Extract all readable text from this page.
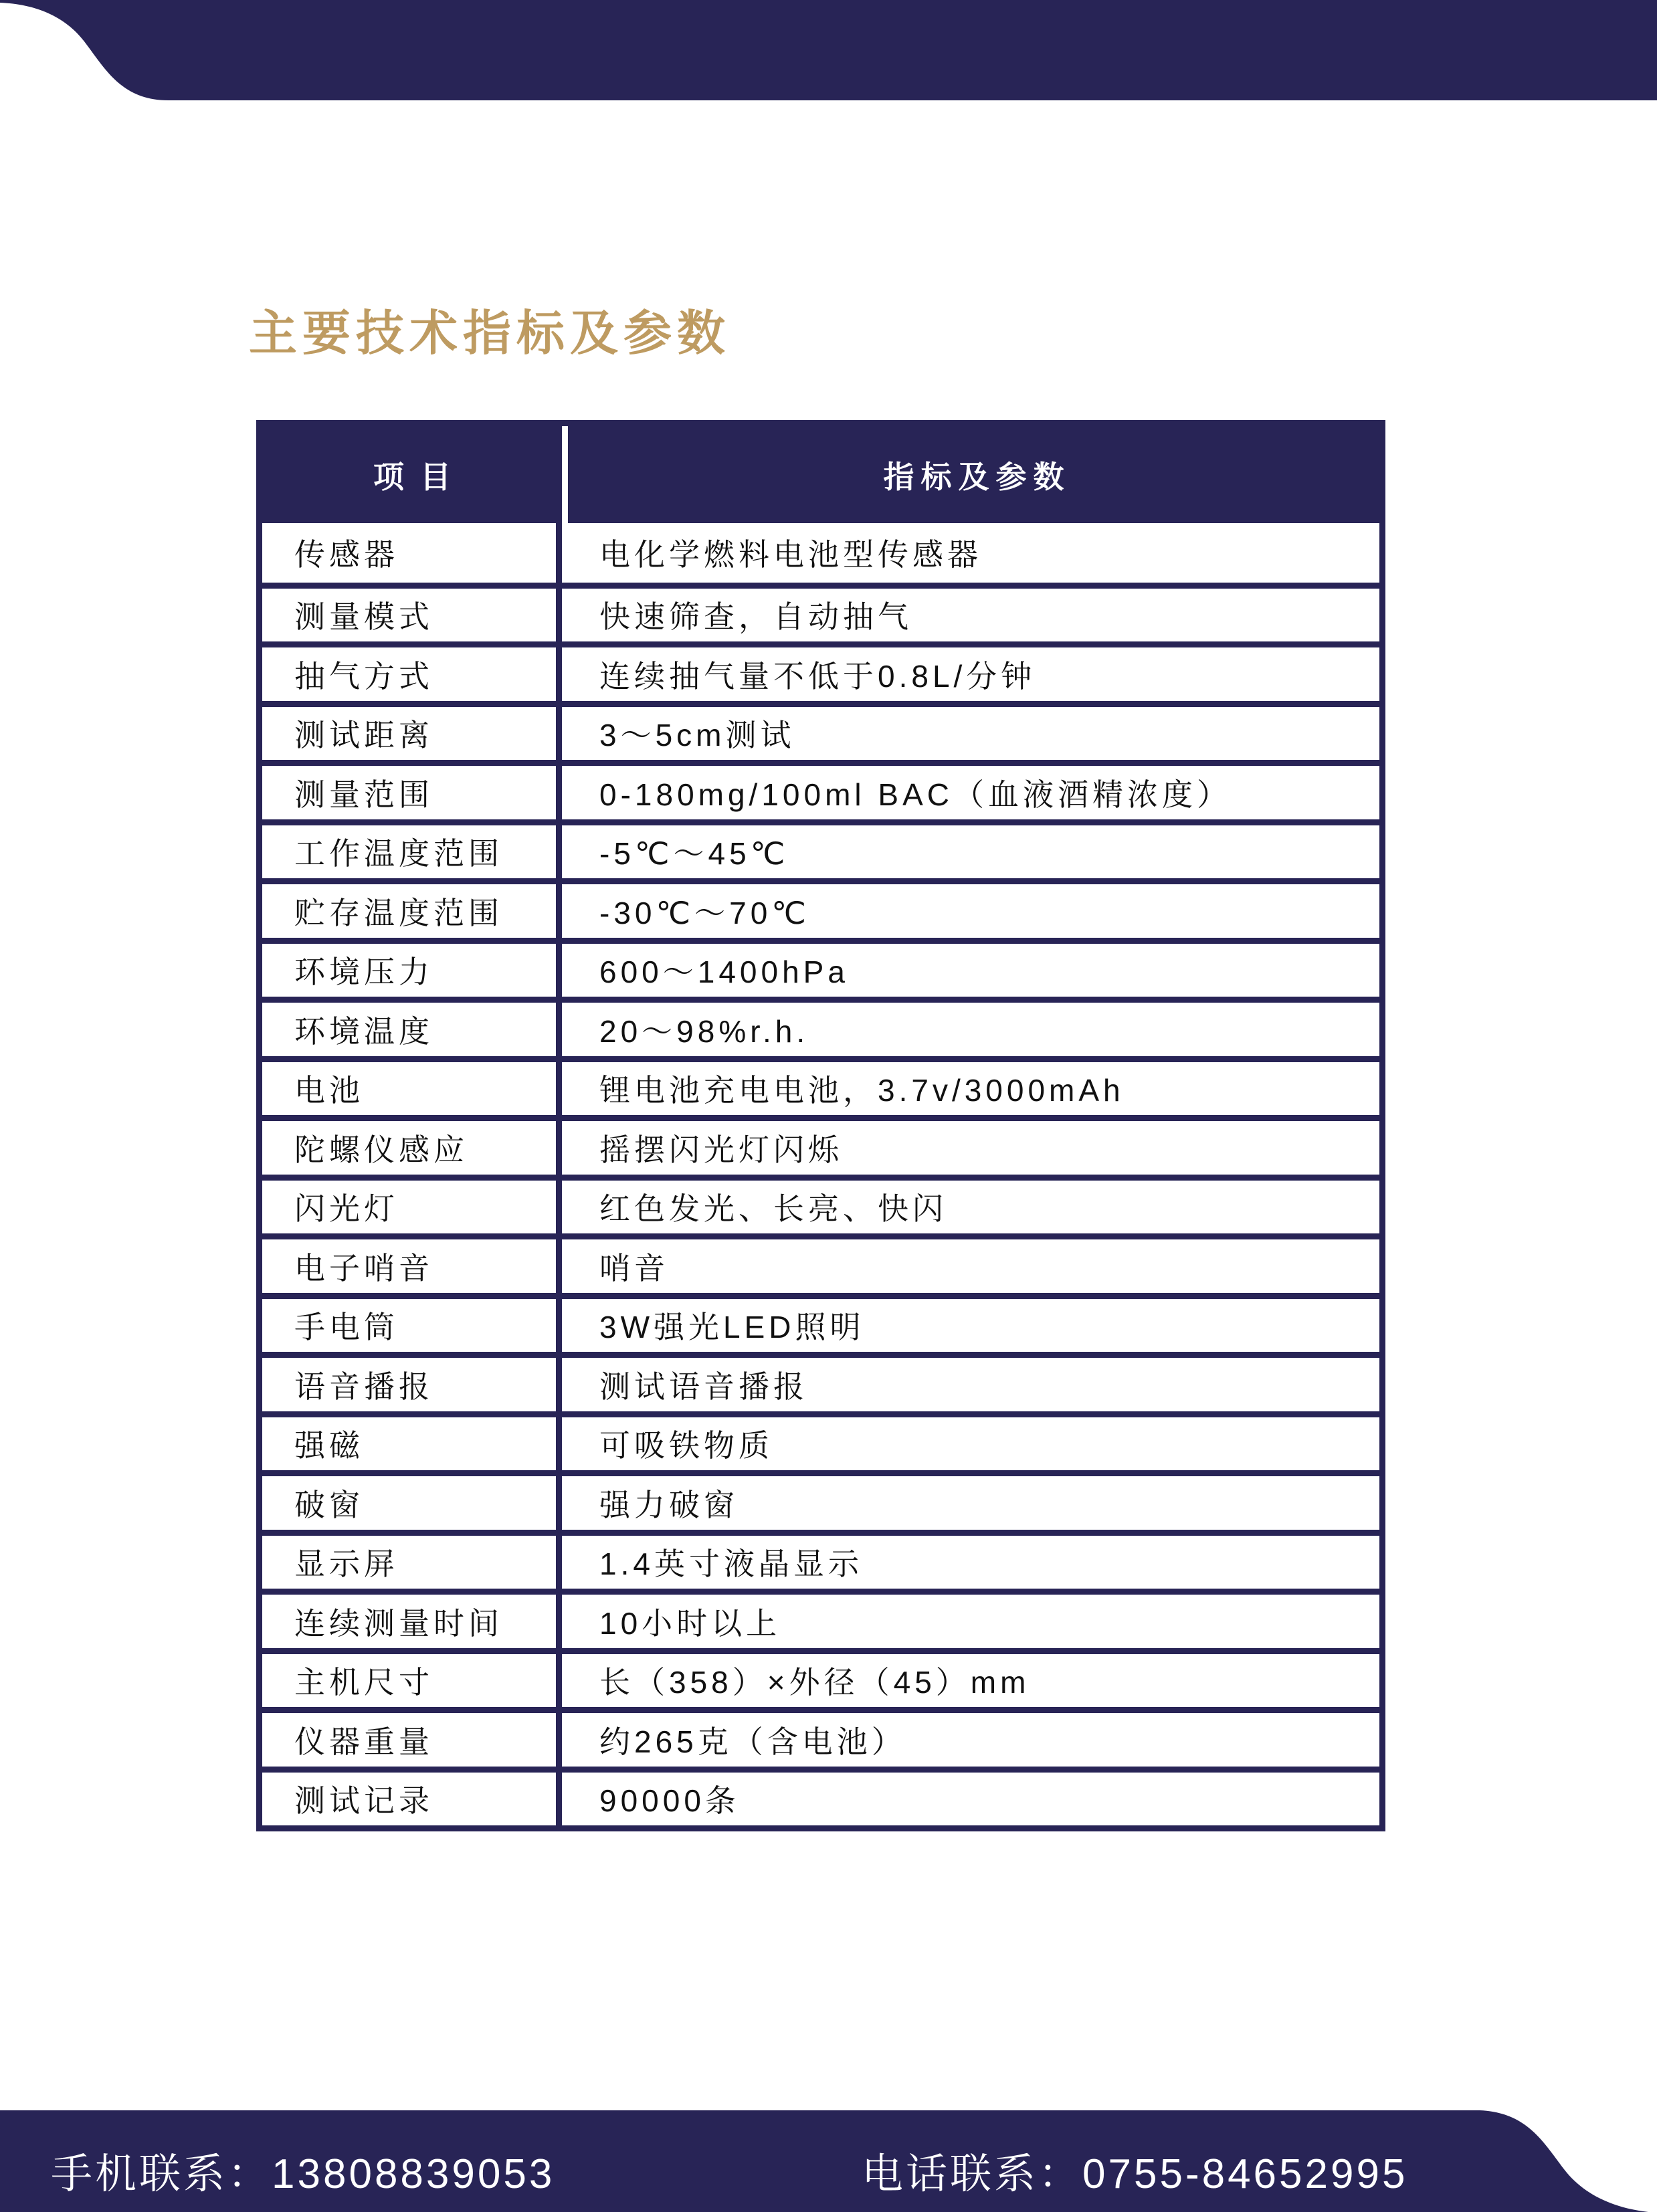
主要技术指标及参数
项目	指标及参数
传感器	电化学燃料电池型传感器
测量模式	快速筛查，自动抽气
抽气方式	连续抽气量不低于0.8L/分钟
测试距离	3～5cm测试
测量范围	0-180mg/100ml BAC（血液酒精浓度）
工作温度范围	-5℃～45℃
贮存温度范围	-30℃～70℃
环境压力	600～1400hPa
环境温度	20～98%r.h.
电池	锂电池充电电池，3.7v/3000mAh
陀螺仪感应	摇摆闪光灯闪烁
闪光灯	红色发光、长亮、快闪
电子哨音	哨音
手电筒	3W强光LED照明
语音播报	测试语音播报
强磁	可吸铁物质
破窗	强力破窗
显示屏	1.4英寸液晶显示
连续测量时间	10小时以上
主机尺寸	长（358）×外径（45）mm
仪器重量	约265克（含电池）
测试记录	90000条
手机联系：13808839053	电话联系：0755-84652995
